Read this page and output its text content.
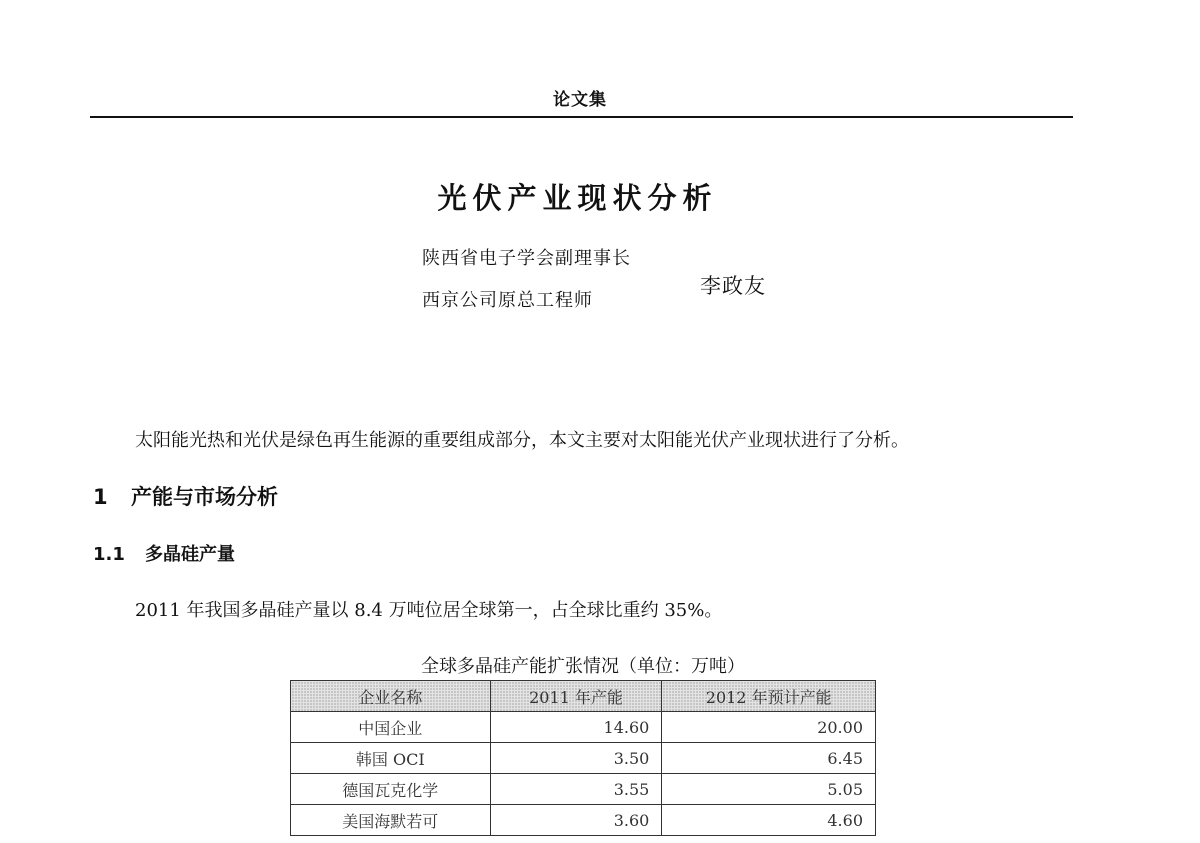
论文集
光伏产业现状分析
陕西省电子学会副理事长
西京公司原总工程师
李政友
太阳能光热和光伏是绿色再生能源的重要组成部分，本文主要对太阳能光伏产业现状进行了分析。
1 产能与市场分析
1.1 多晶硅产量
2011 年我国多晶硅产量以 8.4 万吨位居全球第一，占全球比重约 35%。
全球多晶硅产能扩张情况（单位：万吨）
企业名称	2011 年产能	2012 年预计产能
中国企业	14.60	20.00
韩国 OCI	3.50	6.45
德国瓦克化学	3.55	5.05
美国海默若可	3.60	4.60
